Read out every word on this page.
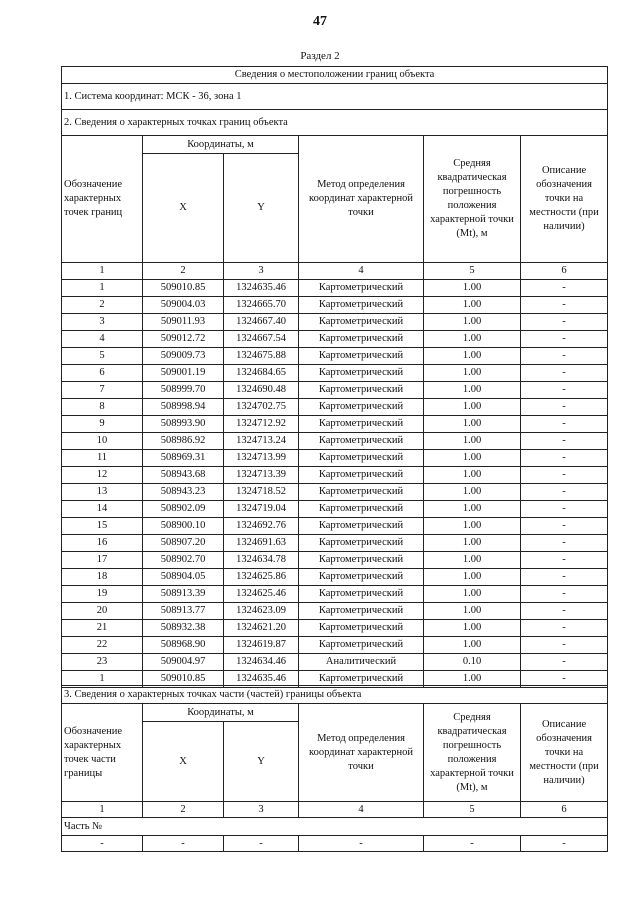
47
Раздел 2
Сведения о местоположении границ объекта					
1. Система координат: МСК - 36, зона 1					
2. Сведения о характерных точках границ объекта					
Обозначение характерных точек границ	Координаты, м		Метод определения координат характерной точки	Средняя квадратическая погрешность положения характерной точки (Mt), м	Описание обозначения точки на местности (при наличии)
	X	Y			
1	2	3	4	5	6
1	509010.85	1324635.46	Картометрический	1.00	-
2	509004.03	1324665.70	Картометрический	1.00	-
3	509011.93	1324667.40	Картометрический	1.00	-
4	509012.72	1324667.54	Картометрический	1.00	-
5	509009.73	1324675.88	Картометрический	1.00	-
6	509001.19	1324684.65	Картометрический	1.00	-
7	508999.70	1324690.48	Картометрический	1.00	-
8	508998.94	1324702.75	Картометрический	1.00	-
9	508993.90	1324712.92	Картометрический	1.00	-
10	508986.92	1324713.24	Картометрический	1.00	-
11	508969.31	1324713.99	Картометрический	1.00	-
12	508943.68	1324713.39	Картометрический	1.00	-
13	508943.23	1324718.52	Картометрический	1.00	-
14	508902.09	1324719.04	Картометрический	1.00	-
15	508900.10	1324692.76	Картометрический	1.00	-
16	508907.20	1324691.63	Картометрический	1.00	-
17	508902.70	1324634.78	Картометрический	1.00	-
18	508904.05	1324625.86	Картометрический	1.00	-
19	508913.39	1324625.46	Картометрический	1.00	-
20	508913.77	1324623.09	Картометрический	1.00	-
21	508932.38	1324621.20	Картометрический	1.00	-
22	508968.90	1324619.87	Картометрический	1.00	-
23	509004.97	1324634.46	Аналитический	0.10	-
1	509010.85	1324635.46	Картометрический	1.00	-
3. Сведения о характерных точках части (частей) границы объекта					
Обозначение характерных точек части границы	Координаты, м		Метод определения координат характерной точки	Средняя квадратическая погрешность положения характерной точки (Mt), м	Описание обозначения точки на местности (при наличии)
	X	Y			
1	2	3	4	5	6
Часть №					
-	-	-	-	-	-
